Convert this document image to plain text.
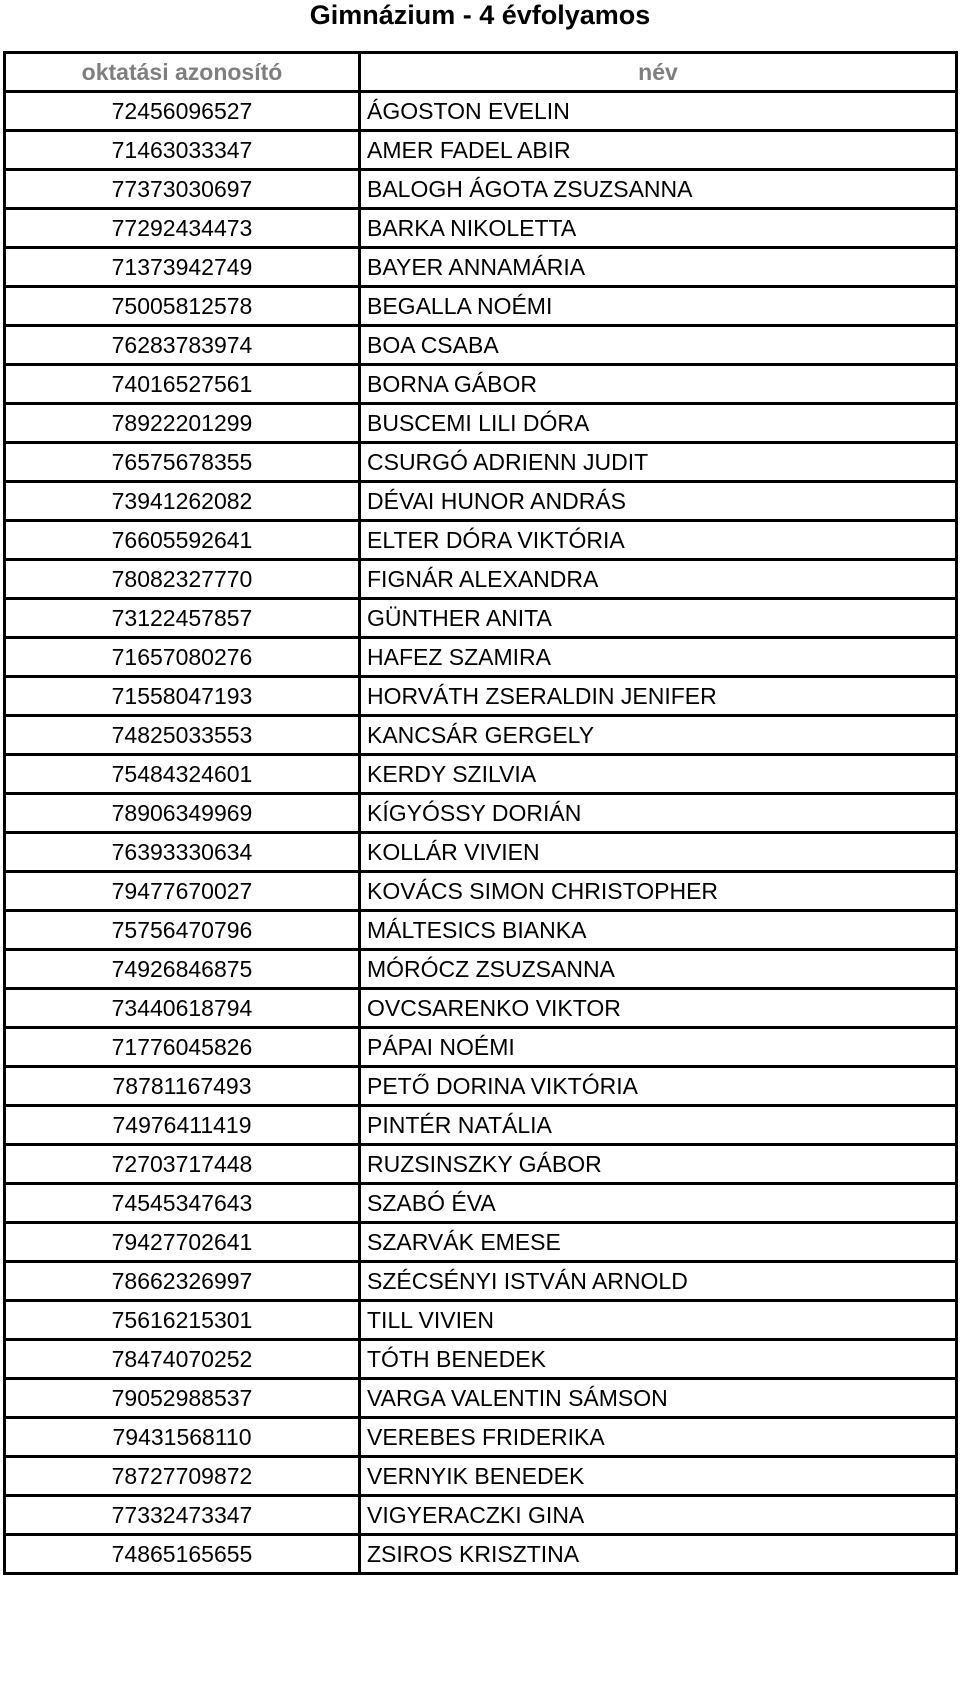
Gimnázium - 4 évfolyamos
oktatási azonosító	név
72456096527	ÁGOSTON EVELIN
71463033347	AMER FADEL ABIR
77373030697	BALOGH ÁGOTA ZSUZSANNA
77292434473	BARKA NIKOLETTA
71373942749	BAYER ANNAMÁRIA
75005812578	BEGALLA NOÉMI
76283783974	BOA CSABA
74016527561	BORNA GÁBOR
78922201299	BUSCEMI LILI DÓRA
76575678355	CSURGÓ ADRIENN JUDIT
73941262082	DÉVAI HUNOR ANDRÁS
76605592641	ELTER DÓRA VIKTÓRIA
78082327770	FIGNÁR ALEXANDRA
73122457857	GÜNTHER ANITA
71657080276	HAFEZ SZAMIRA
71558047193	HORVÁTH ZSERALDIN JENIFER
74825033553	KANCSÁR GERGELY
75484324601	KERDY SZILVIA
78906349969	KÍGYÓSSY DORIÁN
76393330634	KOLLÁR VIVIEN
79477670027	KOVÁCS SIMON CHRISTOPHER
75756470796	MÁLTESICS BIANKA
74926846875	MÓRÓCZ ZSUZSANNA
73440618794	OVCSARENKO VIKTOR
71776045826	PÁPAI NOÉMI
78781167493	PETŐ DORINA VIKTÓRIA
74976411419	PINTÉR NATÁLIA
72703717448	RUZSINSZKY GÁBOR
74545347643	SZABÓ ÉVA
79427702641	SZARVÁK EMESE
78662326997	SZÉCSÉNYI ISTVÁN ARNOLD
75616215301	TILL VIVIEN
78474070252	TÓTH BENEDEK
79052988537	VARGA VALENTIN SÁMSON
79431568110	VEREBES FRIDERIKA
78727709872	VERNYIK BENEDEK
77332473347	VIGYERACZKI GINA
74865165655	ZSIROS KRISZTINA
